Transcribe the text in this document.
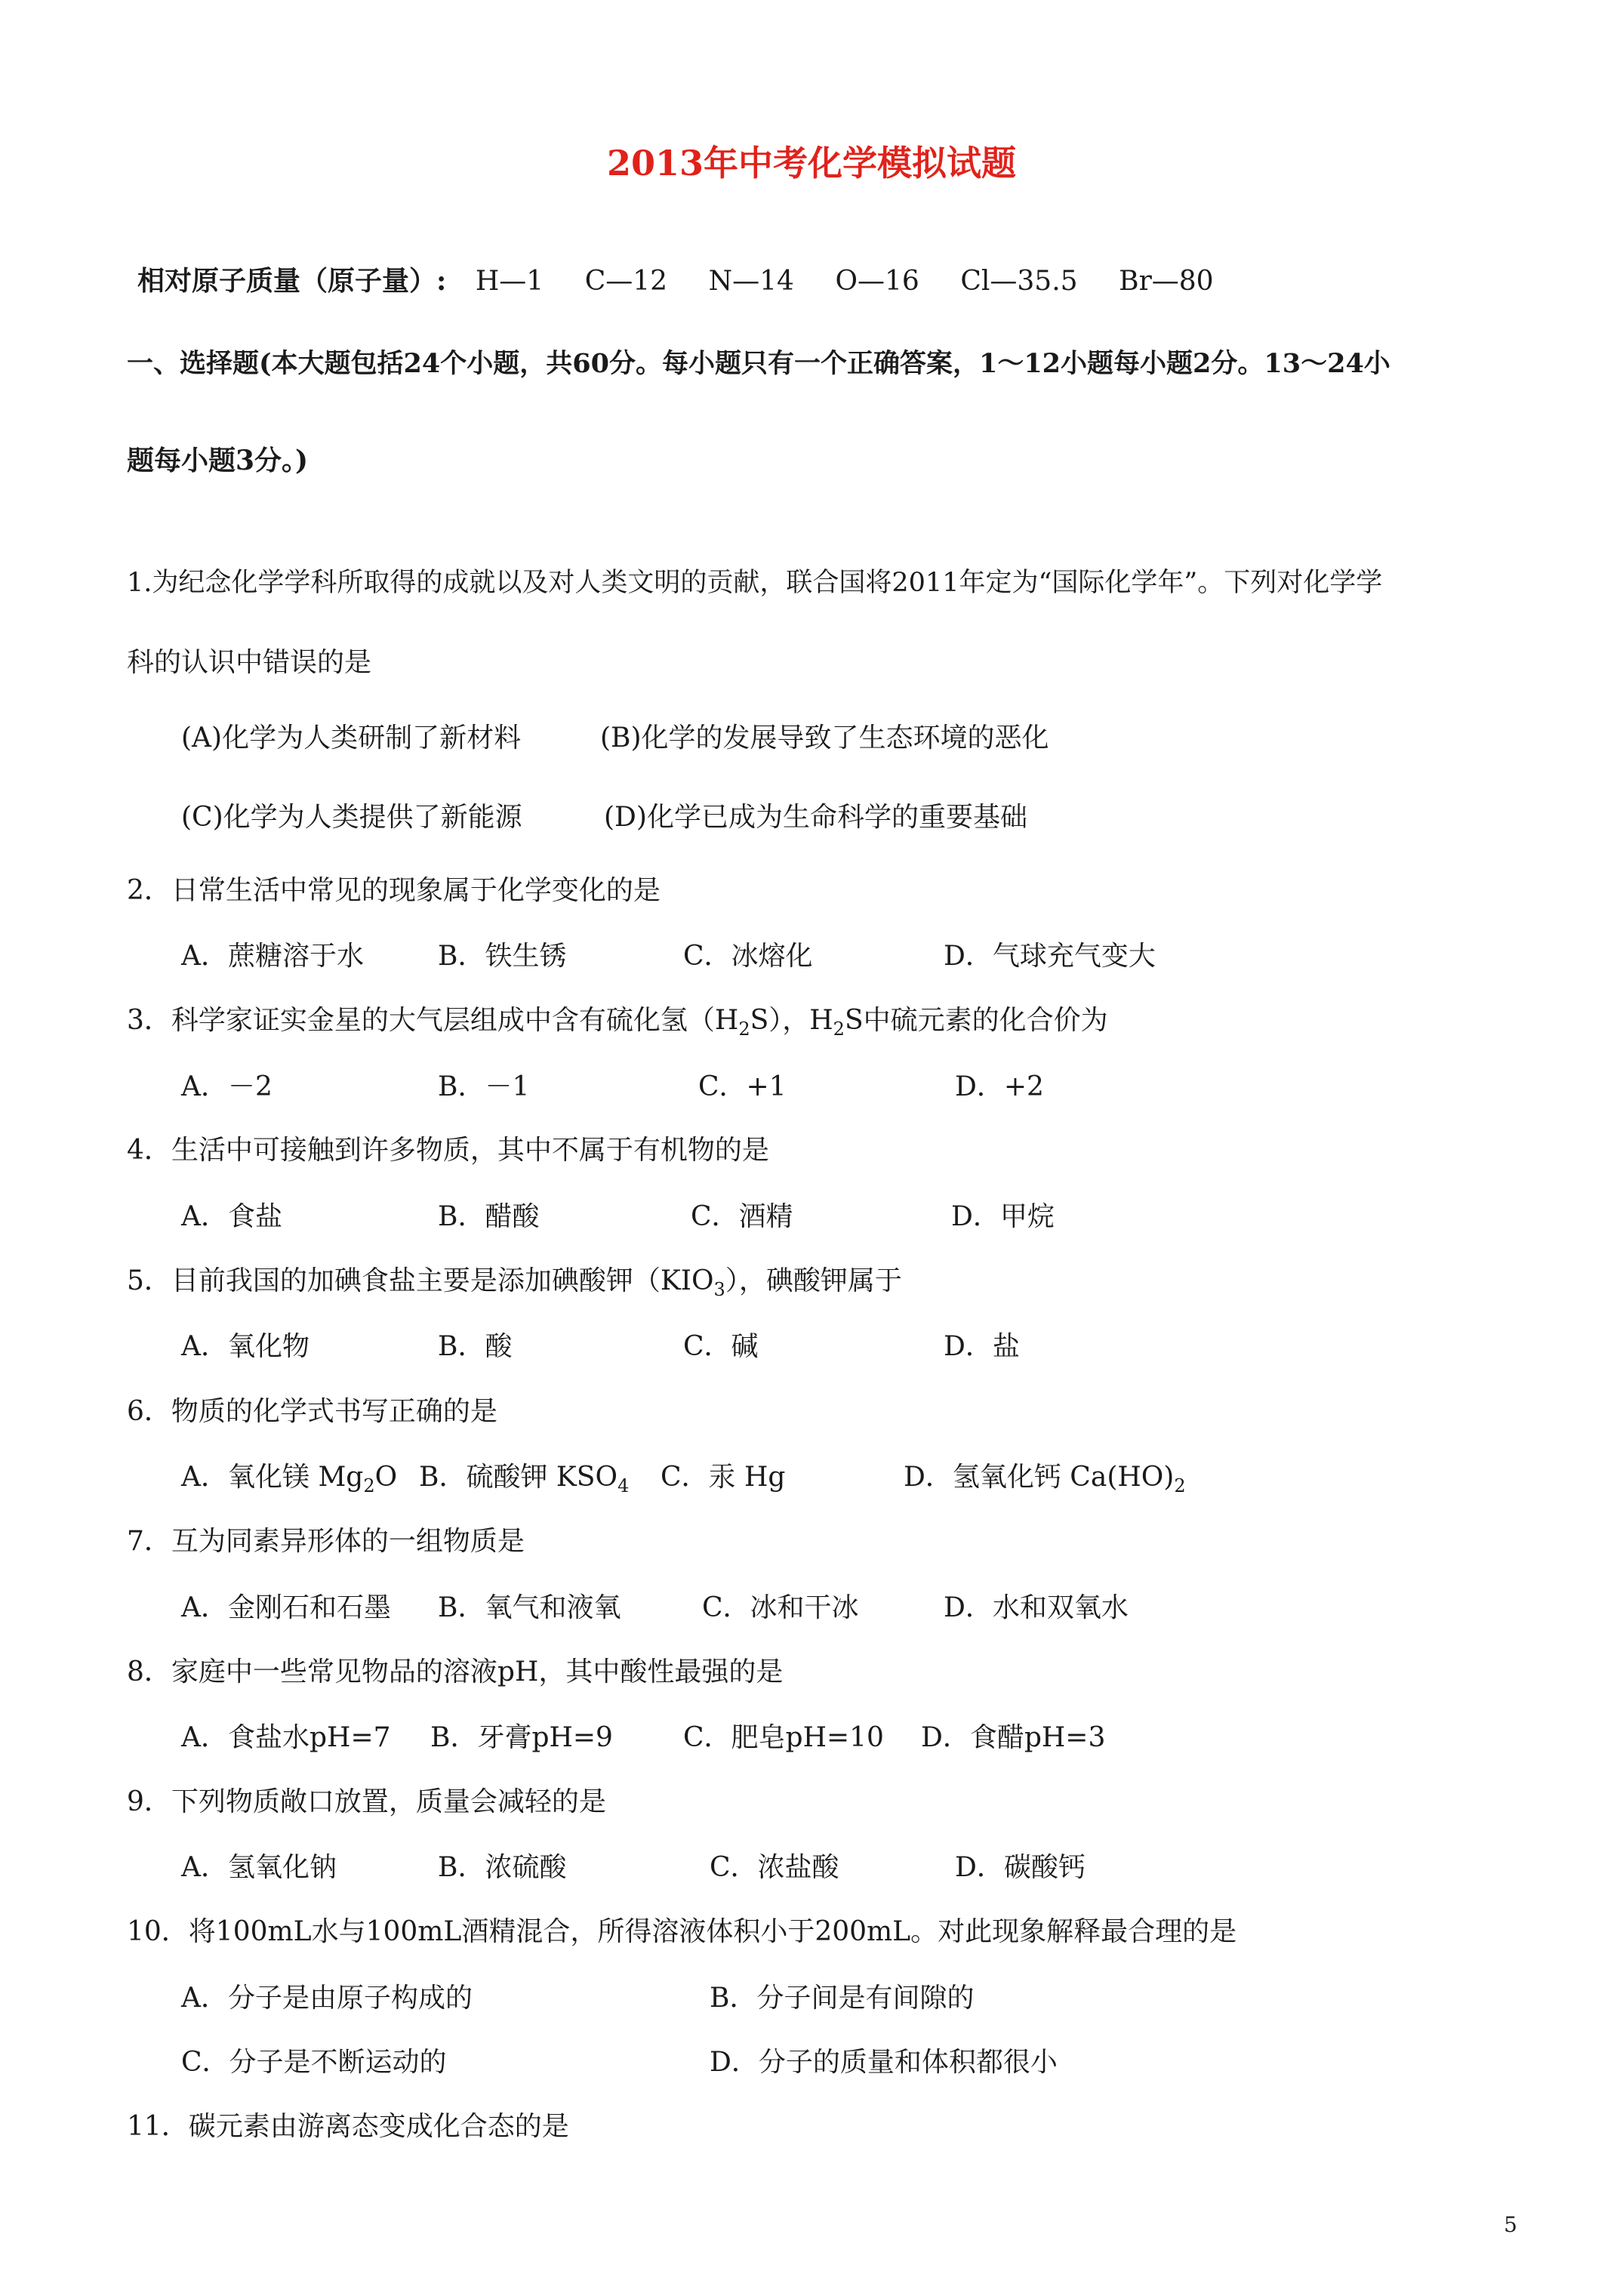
2013年中考化学模拟试题
相对原子质量（原子量）: H—1 C—12 N—14 O—16 Cl—35.5 Br—80
一、选择题(本大题包括24个小题，共60分。每小题只有一个正确答案，1～12小题每小题2分。13～24小
题每小题3分。)
1.为纪念化学学科所取得的成就以及对人类文明的贡献，联合国将2011年定为“国际化学年”。下列对化学学
科的认识中错误的是
(A)化学为人类研制了新材料	(B)化学的发展导致了生态环境的恶化
(C)化学为人类提供了新能源	(D)化学已成为生命科学的重要基础
2．日常生活中常见的现象属于化学变化的是
A．蔗糖溶于水	B．铁生锈	C．冰熔化	D．气球充气变大
3．科学家证实金星的大气层组成中含有硫化氢$(H_2S)$，$H_2S$中硫元素的化合价为
A．－2	B．－1	C．+1	D．+2
4．生活中可接触到许多物质，其中不属于有机物的是
A．食盐	B．醋酸	C．酒精	D．甲烷
5．目前我国的加碘食盐主要是添加碘酸钾$(KIO_3)$，碘酸钾属于
A．氧化物	B．酸	C．碱	D．盐
6．物质的化学式书写正确的是
A．氧化镁 $Mg_2O$ B．硫酸钾 $KSO_4$ C．汞 Hg	D．氢氧化钙 $Ca(HO)_2$
7．互为同素异形体的一组物质是
A．金刚石和石墨 B．氧气和液氧	C．冰和干冰	D．水和双氧水
8．家庭中一些常见物品的溶液pH，其中酸性最强的是
A．食盐水pH=7 B．牙膏pH=9	C．肥皂pH=10 D．食醋pH=3
9．下列物质敞口放置，质量会减轻的是
A．氢氧化钠	B．浓硫酸	C．浓盐酸	D．碳酸钙
10．将100mL水与100mL酒精混合，所得溶液体积小于200mL。对此现象解释最合理的是
A．分子是由原子构成的	B．分子间是有间隙的
C．分子是不断运动的	D．分子的质量和体积都很小
11．碳元素由游离态变成化合态的是
5
